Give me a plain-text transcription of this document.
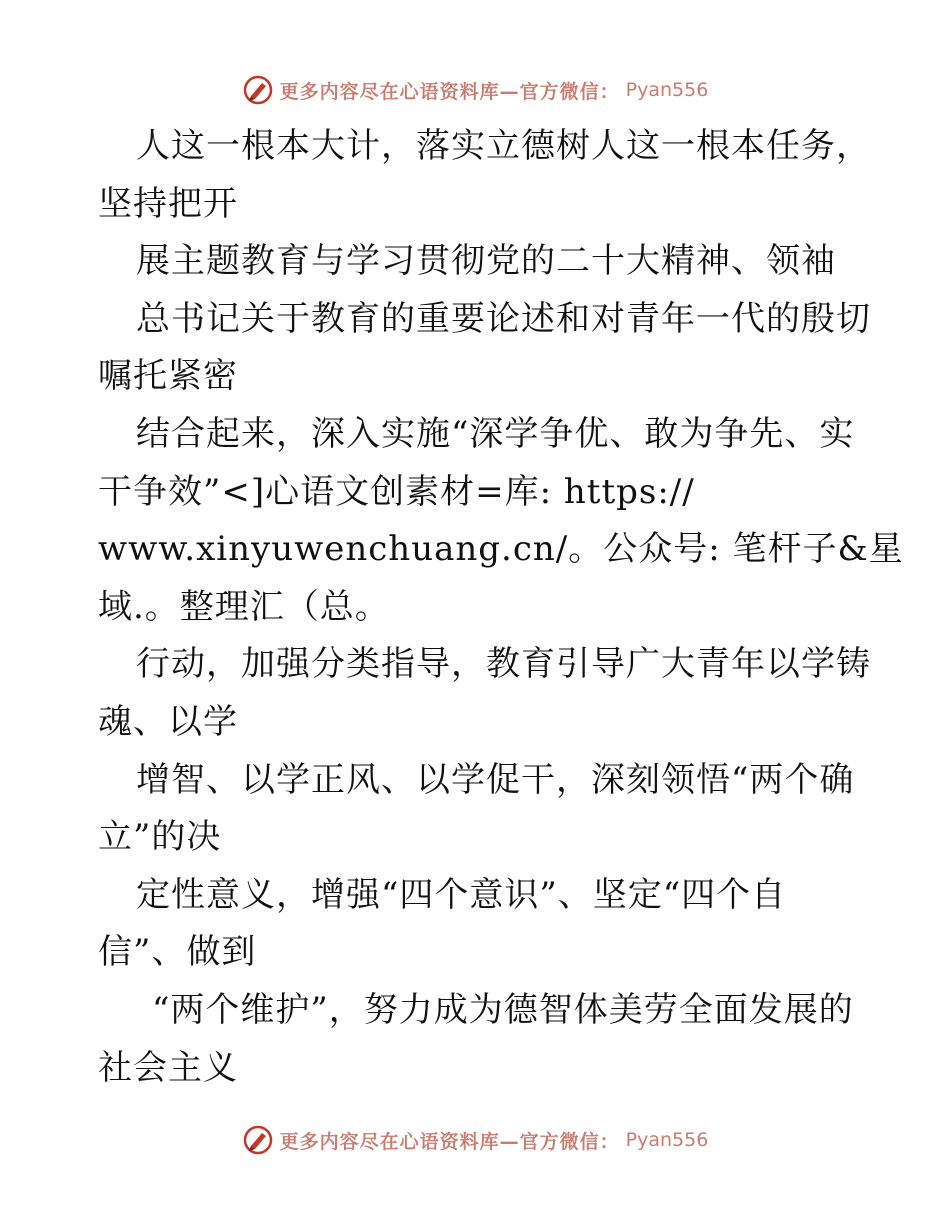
更多内容尽在心语资料库—官方微信： Pyan556
人这一根本大计，落实立德树人这一根本任务，
坚持把开
展主题教育与学习贯彻党的二十大精神、领袖
总书记关于教育的重要论述和对青年一代的殷切
嘱托紧密
结合起来，深入实施“深学争优、敢为争先、实
干争效”<]心语文创素材=库: https://
www.xinyuwenchuang.cn/。公众号: 笔杆子&星
域.。整理汇（总。
行动，加强分类指导，教育引导广大青年以学铸
魂、以学
增智、以学正风、以学促干，深刻领悟“两个确
立”的决
定性意义，增强“四个意识”、坚定“四个自
信”、做到
“两个维护”，努力成为德智体美劳全面发展的
社会主义
更多内容尽在心语资料库—官方微信： Pyan556
